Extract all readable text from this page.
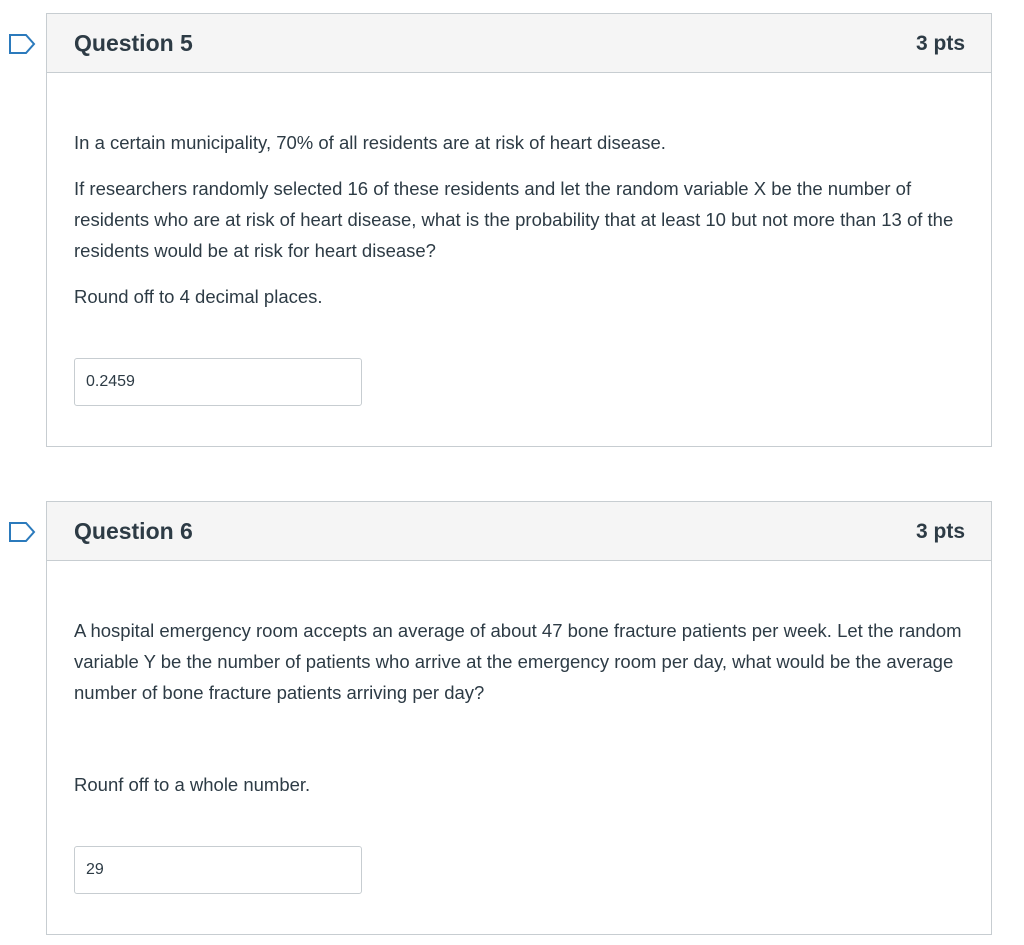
Question 5	3 pts

In a certain municipality, 70% of all residents are at risk of heart disease.

If researchers randomly selected 16 of these residents and let the random variable X be the number of residents who are at risk of heart disease, what is the probability that at least 10 but not more than 13 of the residents would be at risk for heart disease?

Round off to 4 decimal places.

0.2459
Question 6	3 pts

A hospital emergency room accepts an average of about 47 bone fracture patients per week. Let the random variable Y be the number of patients who arrive at the emergency room per day, what would be the average number of bone fracture patients arriving per day?

Rounf off to a whole number.

29
